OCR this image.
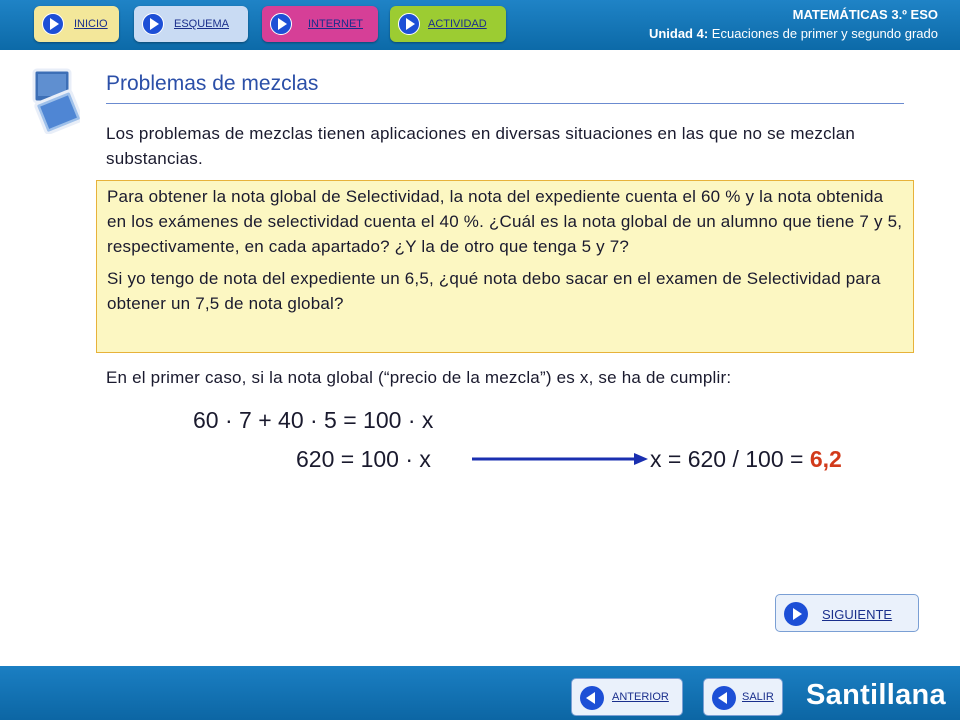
INICIO	ESQUEMA	INTERNET	ACTIVIDAD
MATEMÁTICAS 3.º ESO
Unidad 4: Ecuaciones de primer y segundo grado
Problemas de mezclas
Los problemas de mezclas tienen aplicaciones en diversas situaciones en las que no se mezclan substancias.

Para obtener la nota global de Selectividad, la nota del expediente cuenta el 60 % y la nota obtenida en los exámenes de selectividad cuenta el 40 %. ¿Cuál es la nota global de un alumno que tiene 7 y 5, respectivamente, en cada apartado? ¿Y la de otro que tenga 5 y 7?

Si yo tengo de nota del expediente un 6,5, ¿qué nota debo sacar en el examen de Selectividad para obtener un 7,5 de nota global?

En el primer caso, si la nota global (“precio de la mezcla”) es x, se ha de cumplir:
60 · 7 + 40 · 5 = 100 · x
620 = 100 · x	x = 620 / 100 = 6,2
SIGUIENTE
ANTERIOR	SALIR Santillana
